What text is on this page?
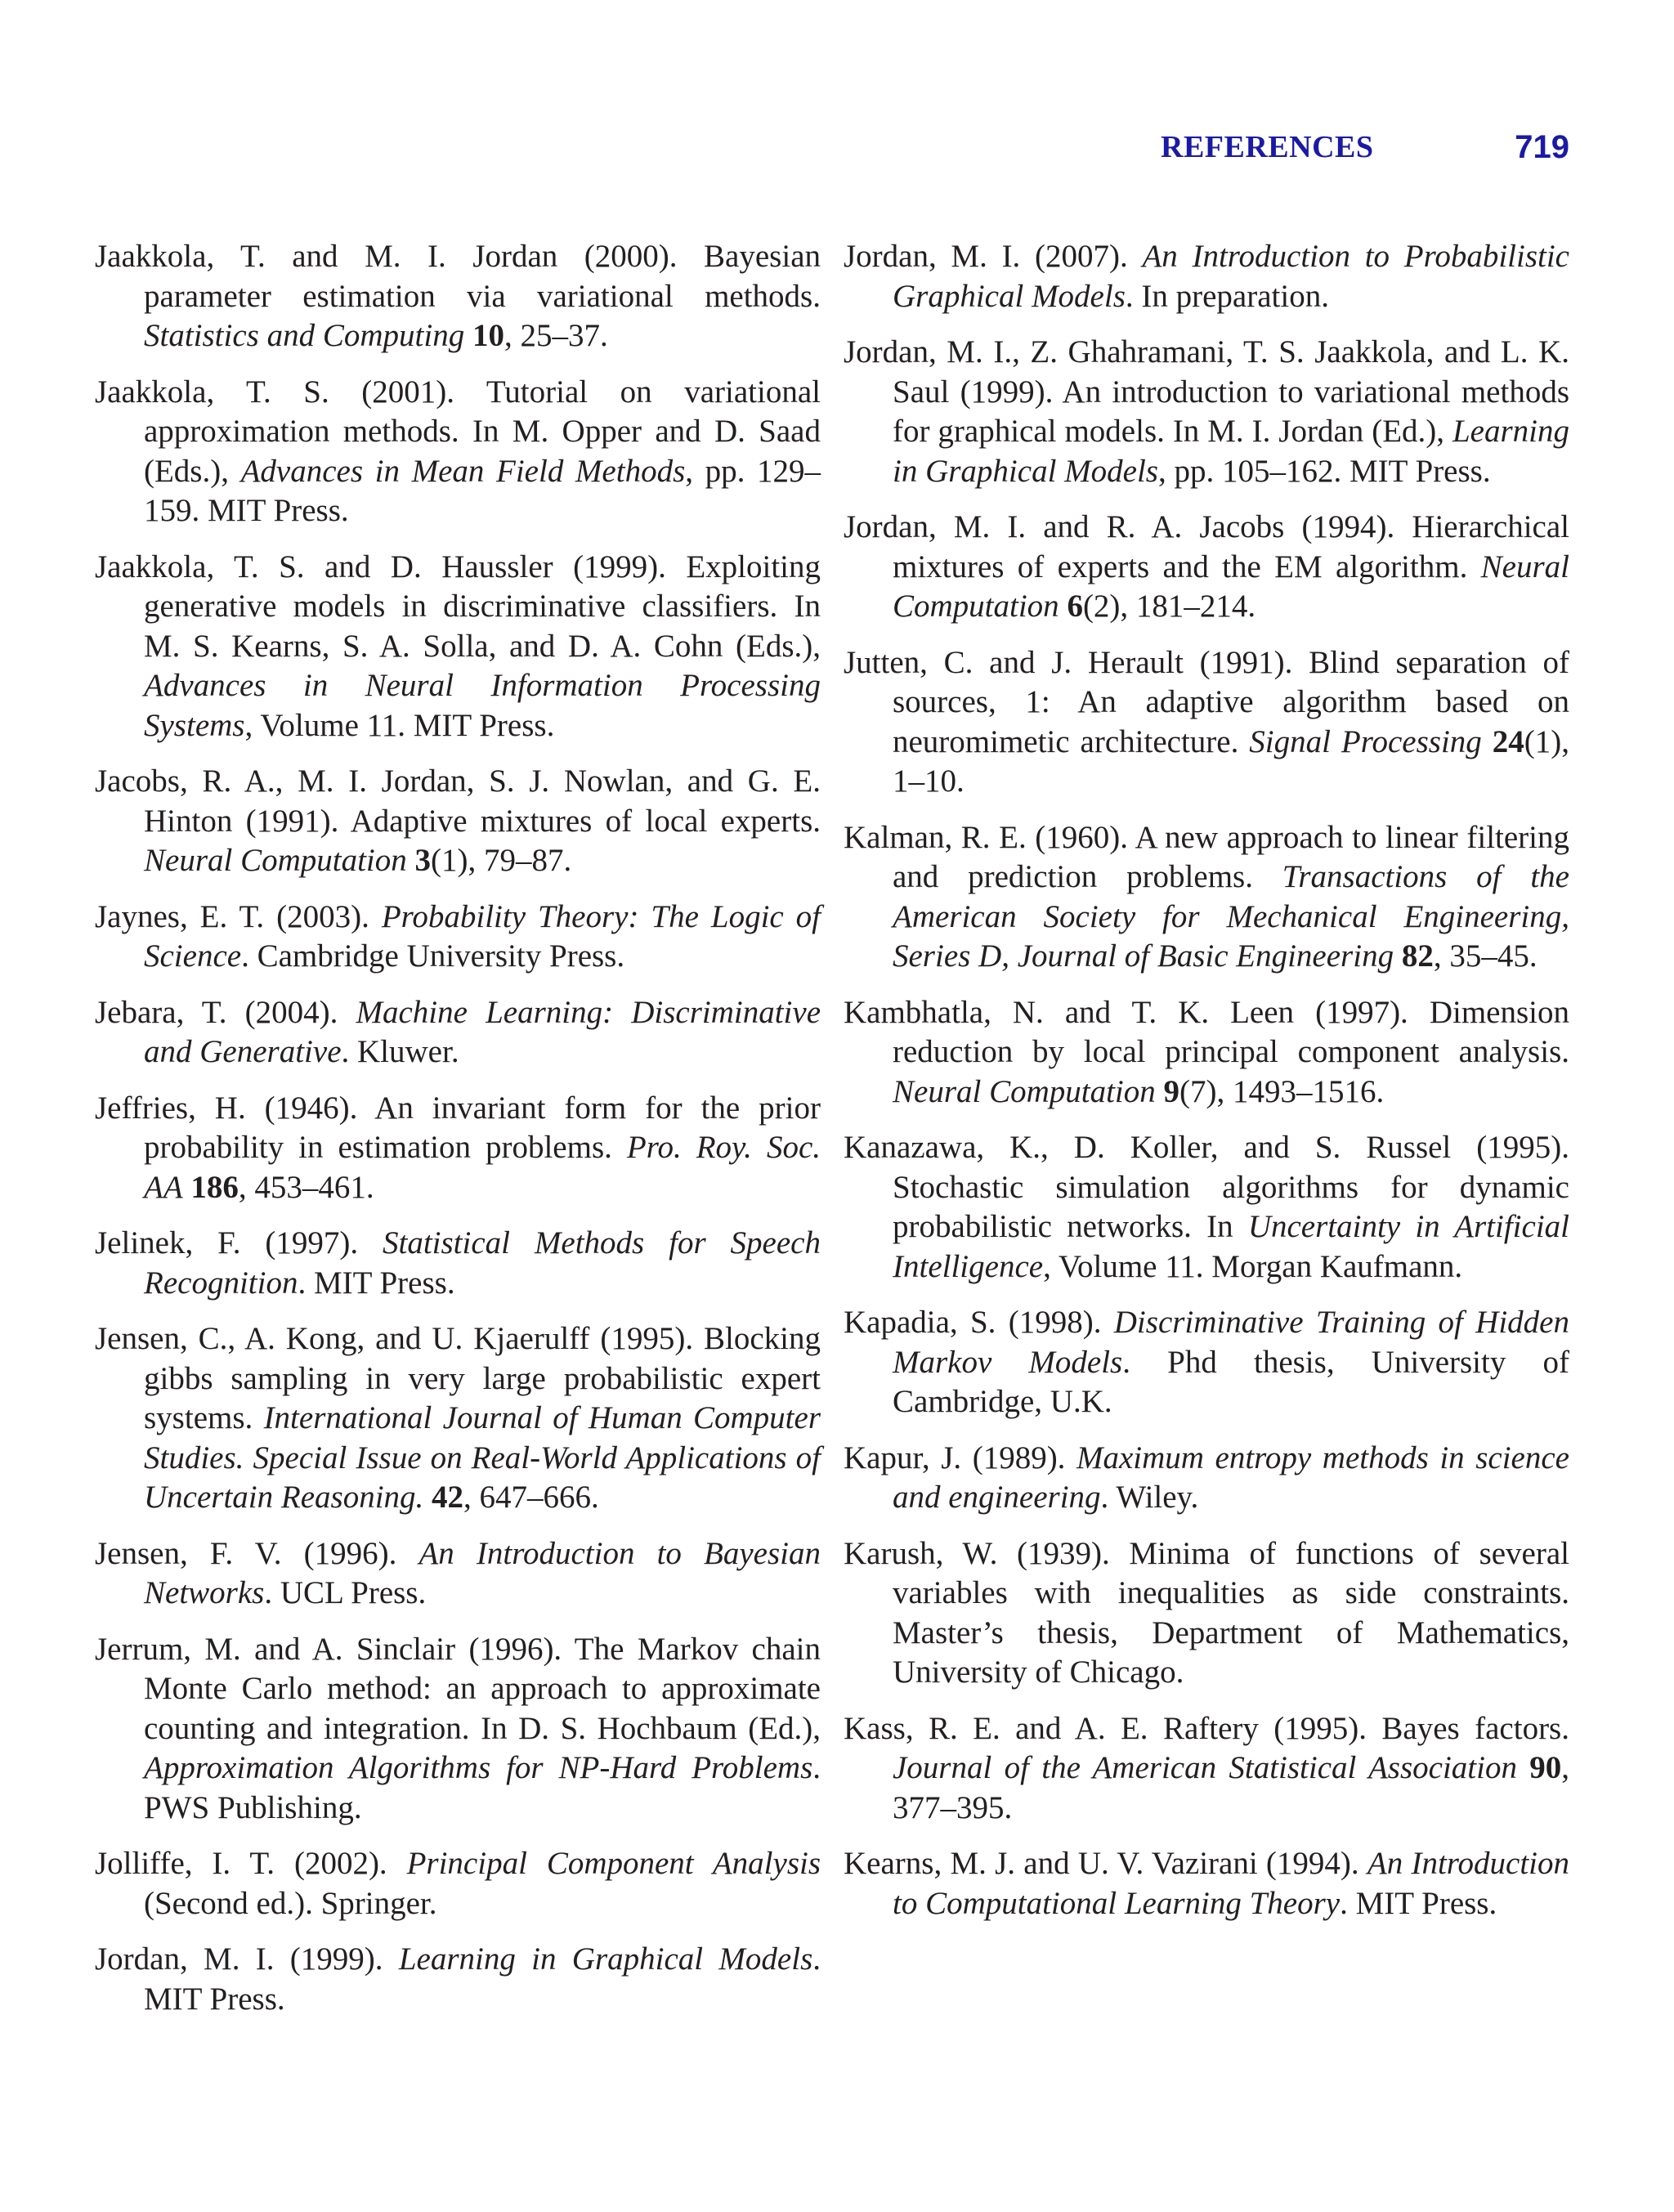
REFERENCES	719

Jaakkola, T. and M. I. Jordan (2000). Bayesian parameter estimation via variational methods. Statistics and Computing 10, 25–37.

Jaakkola, T. S. (2001). Tutorial on variational approximation methods. In M. Opper and D. Saad (Eds.), Advances in Mean Field Methods, pp. 129–159. MIT Press.

Jaakkola, T. S. and D. Haussler (1999). Exploiting generative models in discriminative classifiers. In M. S. Kearns, S. A. Solla, and D. A. Cohn (Eds.), Advances in Neural Information Processing Systems, Volume 11. MIT Press.

Jacobs, R. A., M. I. Jordan, S. J. Nowlan, and G. E. Hinton (1991). Adaptive mixtures of local experts. Neural Computation 3(1), 79–87.

Jaynes, E. T. (2003). Probability Theory: The Logic of Science. Cambridge University Press.

Jebara, T. (2004). Machine Learning: Discriminative and Generative. Kluwer.

Jeffries, H. (1946). An invariant form for the prior probability in estimation problems. Pro. Roy. Soc. AA 186, 453–461.

Jelinek, F. (1997). Statistical Methods for Speech Recognition. MIT Press.

Jensen, C., A. Kong, and U. Kjaerulff (1995). Blocking gibbs sampling in very large probabilistic expert systems. International Journal of Human Computer Studies. Special Issue on Real-World Applications of Uncertain Reasoning. 42, 647–666.

Jensen, F. V. (1996). An Introduction to Bayesian Networks. UCL Press.

Jerrum, M. and A. Sinclair (1996). The Markov chain Monte Carlo method: an approach to approximate counting and integration. In D. S. Hochbaum (Ed.), Approximation Algorithms for NP-Hard Problems. PWS Publishing.

Jolliffe, I. T. (2002). Principal Component Analysis (Second ed.). Springer.

Jordan, M. I. (1999). Learning in Graphical Models. MIT Press.

Jordan, M. I. (2007). An Introduction to Probabilistic Graphical Models. In preparation.

Jordan, M. I., Z. Ghahramani, T. S. Jaakkola, and L. K. Saul (1999). An introduction to variational methods for graphical models. In M. I. Jordan (Ed.), Learning in Graphical Models, pp. 105–162. MIT Press.

Jordan, M. I. and R. A. Jacobs (1994). Hierarchical mixtures of experts and the EM algorithm. Neural Computation 6(2), 181–214.

Jutten, C. and J. Herault (1991). Blind separation of sources, 1: An adaptive algorithm based on neuromimetic architecture. Signal Processing 24(1), 1–10.

Kalman, R. E. (1960). A new approach to linear filtering and prediction problems. Transactions of the American Society for Mechanical Engineering, Series D, Journal of Basic Engineering 82, 35–45.

Kambhatla, N. and T. K. Leen (1997). Dimension reduction by local principal component analysis. Neural Computation 9(7), 1493–1516.

Kanazawa, K., D. Koller, and S. Russel (1995). Stochastic simulation algorithms for dynamic probabilistic networks. In Uncertainty in Artificial Intelligence, Volume 11. Morgan Kaufmann.

Kapadia, S. (1998). Discriminative Training of Hidden Markov Models. Phd thesis, University of Cambridge, U.K.

Kapur, J. (1989). Maximum entropy methods in science and engineering. Wiley.

Karush, W. (1939). Minima of functions of several variables with inequalities as side constraints. Master’s thesis, Department of Mathematics, University of Chicago.

Kass, R. E. and A. E. Raftery (1995). Bayes factors. Journal of the American Statistical Association 90, 377–395.

Kearns, M. J. and U. V. Vazirani (1994). An Introduction to Computational Learning Theory. MIT Press.
